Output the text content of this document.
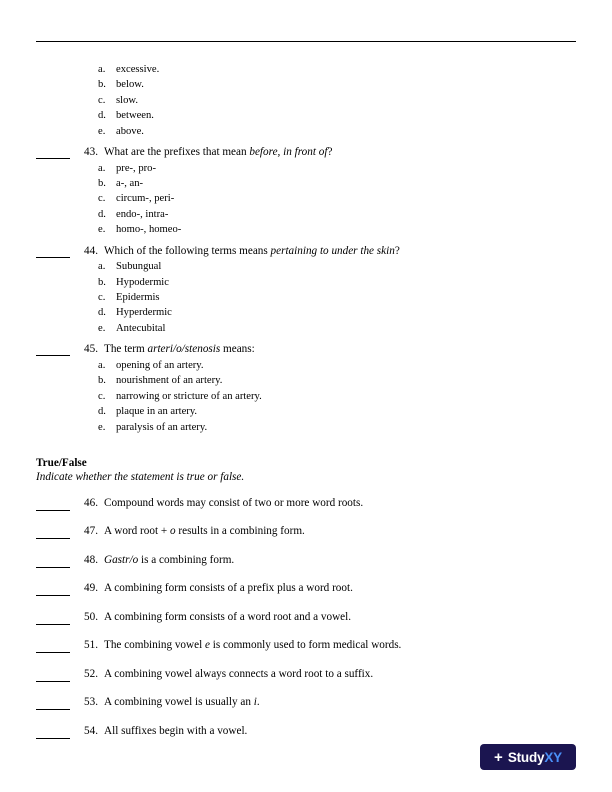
a.	excessive.
b. below.
c.	slow.
d. between.
e.	above.
43. What are the prefixes that mean before, in front of?
a.	pre-, pro-
b. a-, an-
c.	circum-, peri-
d. endo-, intra-
e.	homo-, homeo-
44. Which of the following terms means pertaining to under the skin?
a.	Subungual
b. Hypodermic
c.	Epidermis
d. Hyperdermic
e.	Antecubital
45. The term arteri/o/stenosis means:
a.	opening of an artery.
b. nourishment of an artery.
c.	narrowing or stricture of an artery.
d. plaque in an artery.
e.	paralysis of an artery.
True/False
Indicate whether the statement is true or false.
46. Compound words may consist of two or more word roots.
47. A word root + o results in a combining form.
48. Gastr/o is a combining form.
49. A combining form consists of a prefix plus a word root.
50. A combining form consists of a word root and a vowel.
51. The combining vowel e is commonly used to form medical words.
52. A combining vowel always connects a word root to a suffix.
53. A combining vowel is usually an i.
54. All suffixes begin with a vowel.
+ StudyXY
